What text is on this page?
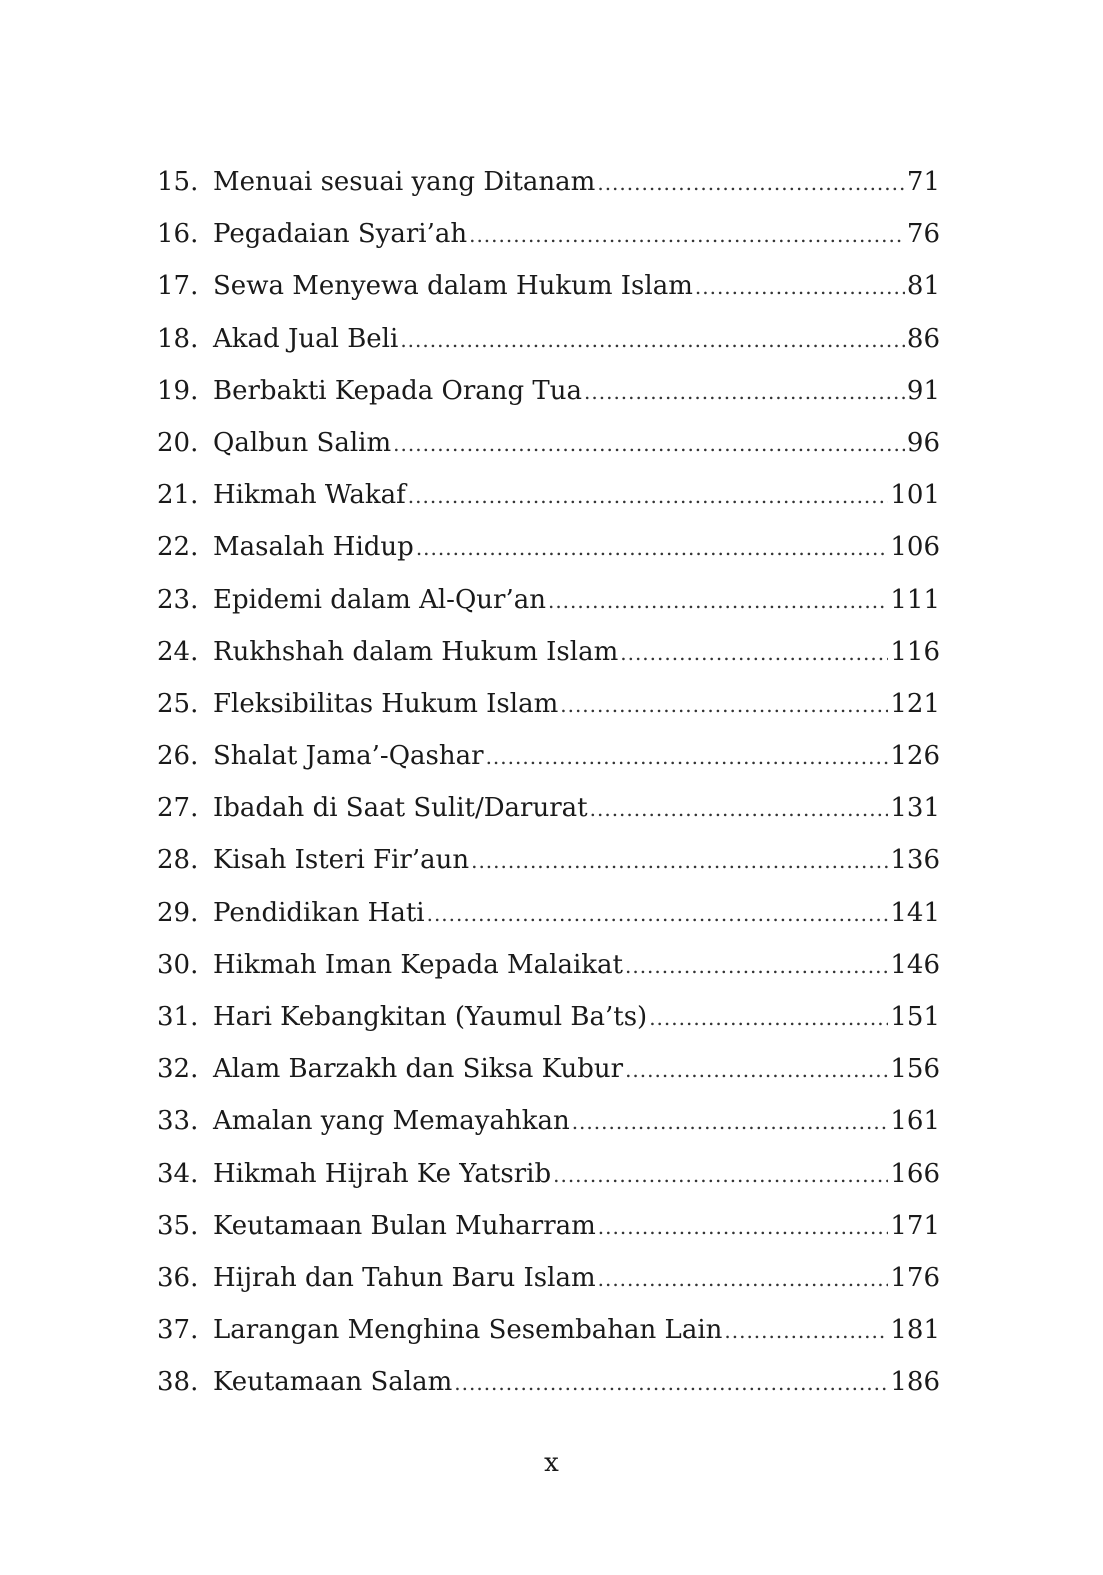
15. Menuai sesuai yang Ditanam .....	71
16. Pegadaian Syari’ah .....	76
17. Sewa Menyewa dalam Hukum Islam .....	81
18. Akad Jual Beli .....	86
19. Berbakti Kepada Orang Tua .....	91
20. Qalbun Salim .....	96
21. Hikmah Wakaf .....	101
22. Masalah Hidup .....	106
23. Epidemi dalam Al-Qur’an .....	111
24. Rukhshah dalam Hukum Islam .....	116
25. Fleksibilitas Hukum Islam .....	121
26. Shalat Jama’-Qashar .....	126
27. Ibadah di Saat Sulit/Darurat .....	131
28. Kisah Isteri Fir’aun .....	136
29. Pendidikan Hati .....	141
30. Hikmah Iman Kepada Malaikat .....	146
31. Hari Kebangkitan (Yaumul Ba’ts) .....	151
32. Alam Barzakh dan Siksa Kubur .....	156
33. Amalan yang Memayahkan .....	161
34. Hikmah Hijrah Ke Yatsrib .....	166
35. Keutamaan Bulan Muharram .....	171
36. Hijrah dan Tahun Baru Islam .....	176
37. Larangan Menghina Sesembahan Lain .....	181
38. Keutamaan Salam .....	186
x
